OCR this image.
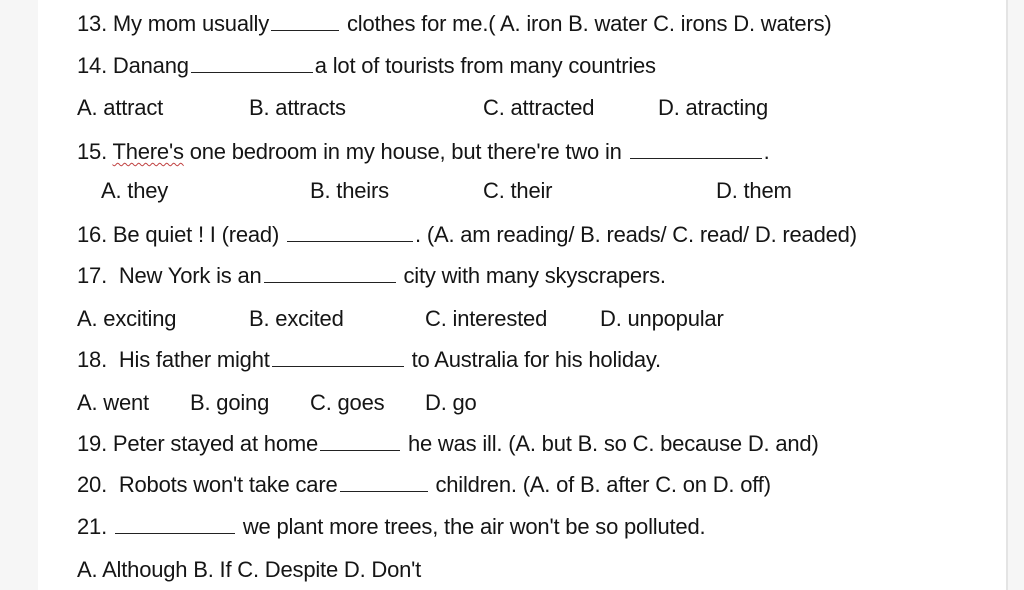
13. My mom usually	clothes for me.( A. iron B. water C. irons D. waters)
14. Danang	a lot of tourists from many countries
A. attract	B. attracts	C. attracted	D. atracting
15. There's one bedroom in my house, but there're two in	.
A. they	B. theirs	C. their	D. them
16. Be quiet ! I (read)	. (A. am reading/ B. reads/ C. read/ D. readed)
17. New York is an	city with many skyscrapers.
A. exciting	B. excited	C. interested D. unpopular
18. His father might	to Australia for his holiday.
A. went B. going C. goes D. go
19. Peter stayed at home	he was ill. (A. but B. so C. because D. and)
20. Robots won't take care	children. (A. of B. after C. on D. off)
21.	we plant more trees, the air won't be so polluted.
A. Although B. If C. Despite D. Don't
